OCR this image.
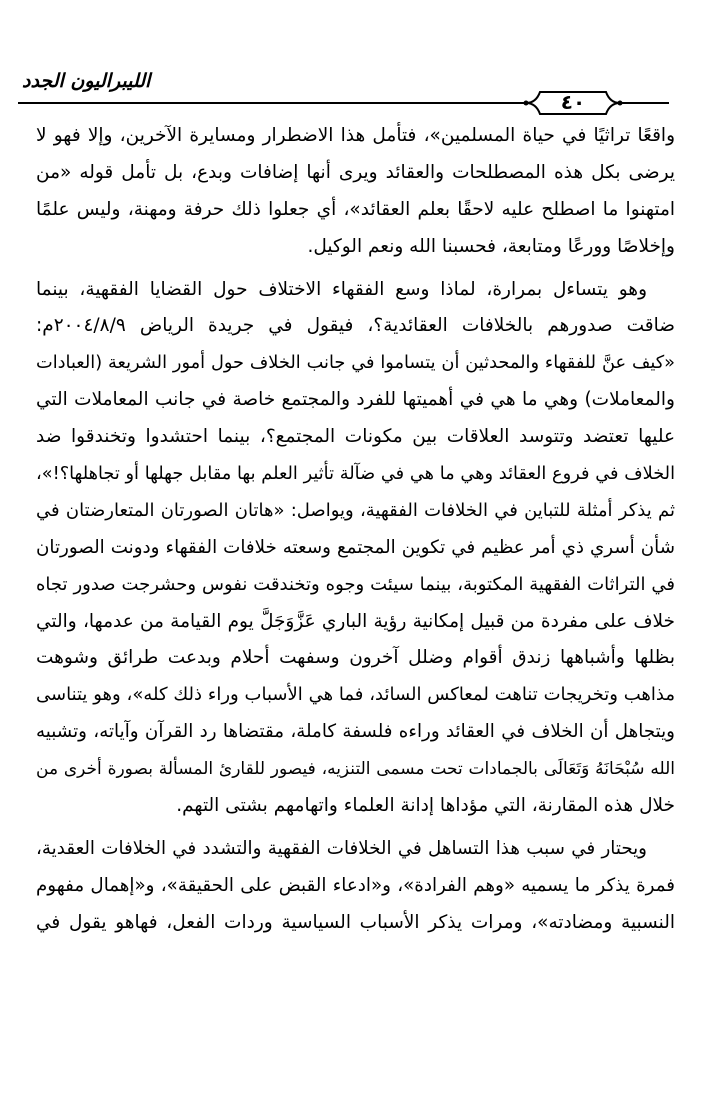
الليبراليون الجدد
٤٠
واقعًا تراثيًا في حياة المسلمين»، فتأمل هذا الاضطرار ومسايرة الآخرين، وإلا فهو لا
يرضى بكل هذه المصطلحات والعقائد ويرى أنها إضافات وبدع، بل تأمل قوله «من
امتهنوا ما اصطلح عليه لاحقًا بعلم العقائد»، أي جعلوا ذلك حرفة ومهنة، وليس علمًا
وإخلاصًا وورعًا ومتابعة، فحسبنا الله ونعم الوكيل.
وهو يتساءل بمرارة، لماذا وسع الفقهاء الاختلاف حول القضايا الفقهية، بينما
ضاقت صدورهم بالخلافات العقائدية؟، فيقول في جريدة الرياض ٢٠٠٤/٨/٩م:
«كيف عنَّ للفقهاء والمحدثين أن يتساموا في جانب الخلاف حول أمور الشريعة (العبادات
والمعاملات) وهي ما هي في أهميتها للفرد والمجتمع خاصة في جانب المعاملات التي
عليها تعتضد وتتوسد العلاقات بين مكونات المجتمع؟، بينما احتشدوا وتخندقوا ضد
الخلاف في فروع العقائد وهي ما هي في ضآلة تأثير العلم بها مقابل جهلها أو تجاهلها؟!»،
ثم يذكر أمثلة للتباين في الخلافات الفقهية، ويواصل: «هاتان الصورتان المتعارضتان في
شأن أسري ذي أمر عظيم في تكوين المجتمع وسعته خلافات الفقهاء ودونت الصورتان
في التراثات الفقهية المكتوبة، بينما سيئت وجوه وتخندقت نفوس وحشرجت صدور تجاه
خلاف على مفردة من قبيل إمكانية رؤية الباري عَزَّوَجَلَّ يوم القيامة من عدمها، والتي
بظلها وأشباهها زندق أقوام وضلل آخرون وسفهت أحلام وبدعت طرائق وشوهت
مذاهب وتخريجات تناهت لمعاكس السائد، فما هي الأسباب وراء ذلك كله»، وهو يتناسى
ويتجاهل أن الخلاف في العقائد وراءه فلسفة كاملة، مقتضاها رد القرآن وآياته، وتشبيه
الله سُبْحَانَهُ وَتَعَالَى بالجمادات تحت مسمى التنزيه، فيصور للقارئ المسألة بصورة أخرى من
خلال هذه المقارنة، التي مؤداها إدانة العلماء واتهامهم بشتى التهم.
ويحتار في سبب هذا التساهل في الخلافات الفقهية والتشدد في الخلافات العقدية،
فمرة يذكر ما يسميه «وهم الفرادة»، و«ادعاء القبض على الحقيقة»، و«إهمال مفهوم
النسبية ومضادته»، ومرات يذكر الأسباب السياسية وردات الفعل، فهاهو يقول في
